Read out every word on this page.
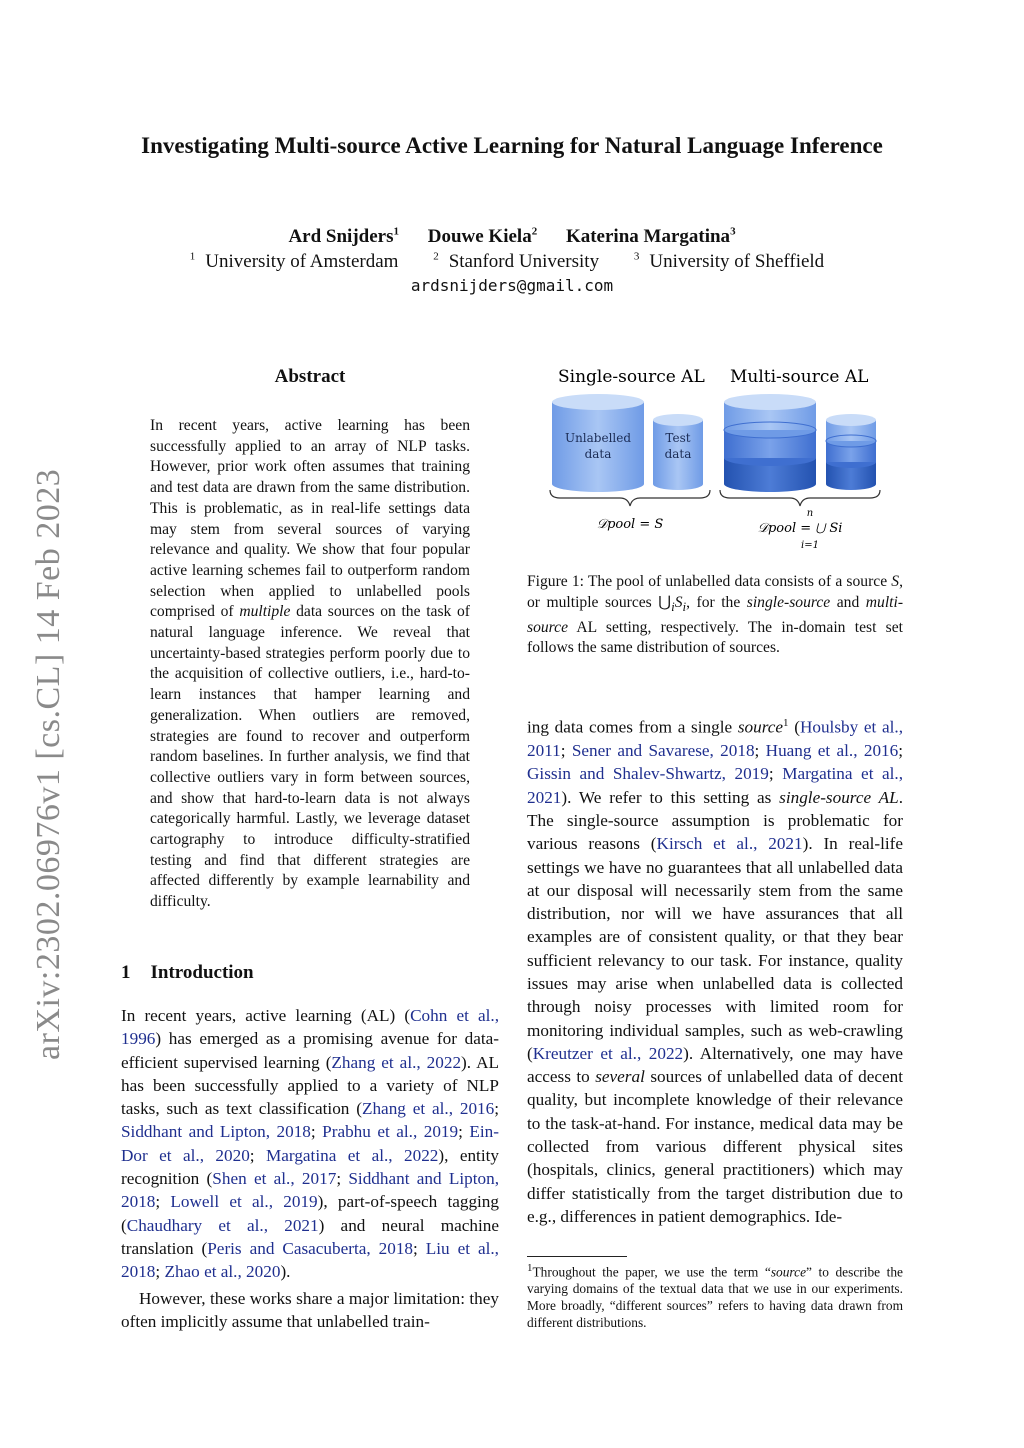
arXiv:2302.06976v1 [cs.CL] 14 Feb 2023
Investigating Multi-source Active Learning for Natural Language Inference
Ard Snijders$^1$ Douwe Kiela$^2$ Katerina Margatina$^3$
$^1$ University of Amsterdam	$^2$ Stanford University	$^3$ University of Sheffield
ardsnijders@gmail.com
Abstract
In recent years, active learning has been successfully applied to an array of NLP tasks. However, prior work often assumes that training and test data are drawn from the same distribution. This is problematic, as in real-life settings data may stem from several sources of varying relevance and quality. We show that four popular active learning schemes fail to outperform random selection when applied to unlabelled pools comprised of multiple data sources on the task of natural language inference. We reveal that uncertainty-based strategies perform poorly due to the acquisition of collective outliers, i.e., hard-to-learn instances that hamper learning and generalization. When outliers are removed, strategies are found to recover and outperform random baselines. In further analysis, we find that collective outliers vary in form between sources, and show that hard-to-learn data is not always categorically harmful. Lastly, we leverage dataset cartography to introduce difficulty-stratified testing and find that different strategies are affected differently by example learnability and difficulty.
1 Introduction
In recent years, active learning (AL) (Cohn et al., 1996) has emerged as a promising avenue for data-efficient supervised learning (Zhang et al., 2022). AL has been successfully applied to a variety of NLP tasks, such as text classification (Zhang et al., 2016; Siddhant and Lipton, 2018; Prabhu et al., 2019; Ein-Dor et al., 2020; Margatina et al., 2022), entity recognition (Shen et al., 2017; Siddhant and Lipton, 2018; Lowell et al., 2019), part-of-speech tagging (Chaudhary et al., 2021) and neural machine translation (Peris and Casacuberta, 2018; Liu et al., 2018; Zhao et al., 2020).
However, these works share a major limitation: they often implicitly assume that unlabelled train-
Single-source AL Multi-source AL
Unlabelled
data
Test
data
𝒟pool = S
n
𝒟pool = ⋃ Si
i=1
Figure 1: The pool of unlabelled data consists of a source S, or multiple sources $⋃_iS_i$, for the single-source and multi-source AL setting, respectively. The in-domain test set follows the same distribution of sources.
ing data comes from a single source$^1$ (Houlsby et al., 2011; Sener and Savarese, 2018; Huang et al., 2016; Gissin and Shalev-Shwartz, 2019; Margatina et al., 2021). We refer to this setting as single-source AL. The single-source assumption is problematic for various reasons (Kirsch et al., 2021). In real-life settings we have no guarantees that all unlabelled data at our disposal will necessarily stem from the same distribution, nor will we have assurances that all examples are of consistent quality, or that they bear sufficient relevancy to our task. For instance, quality issues may arise when unlabelled data is collected through noisy processes with limited room for monitoring individual samples, such as web-crawling (Kreutzer et al., 2022). Alternatively, one may have access to several sources of unlabelled data of decent quality, but incomplete knowledge of their relevance to the task-at-hand. For instance, medical data may be collected from various different physical sites (hospitals, clinics, general practitioners) which may differ statistically from the target distribution due to e.g., differences in patient demographics. Ide-
$^1$Throughout the paper, we use the term “source” to describe the varying domains of the textual data that we use in our experiments. More broadly, “different sources” refers to having data drawn from different distributions.
